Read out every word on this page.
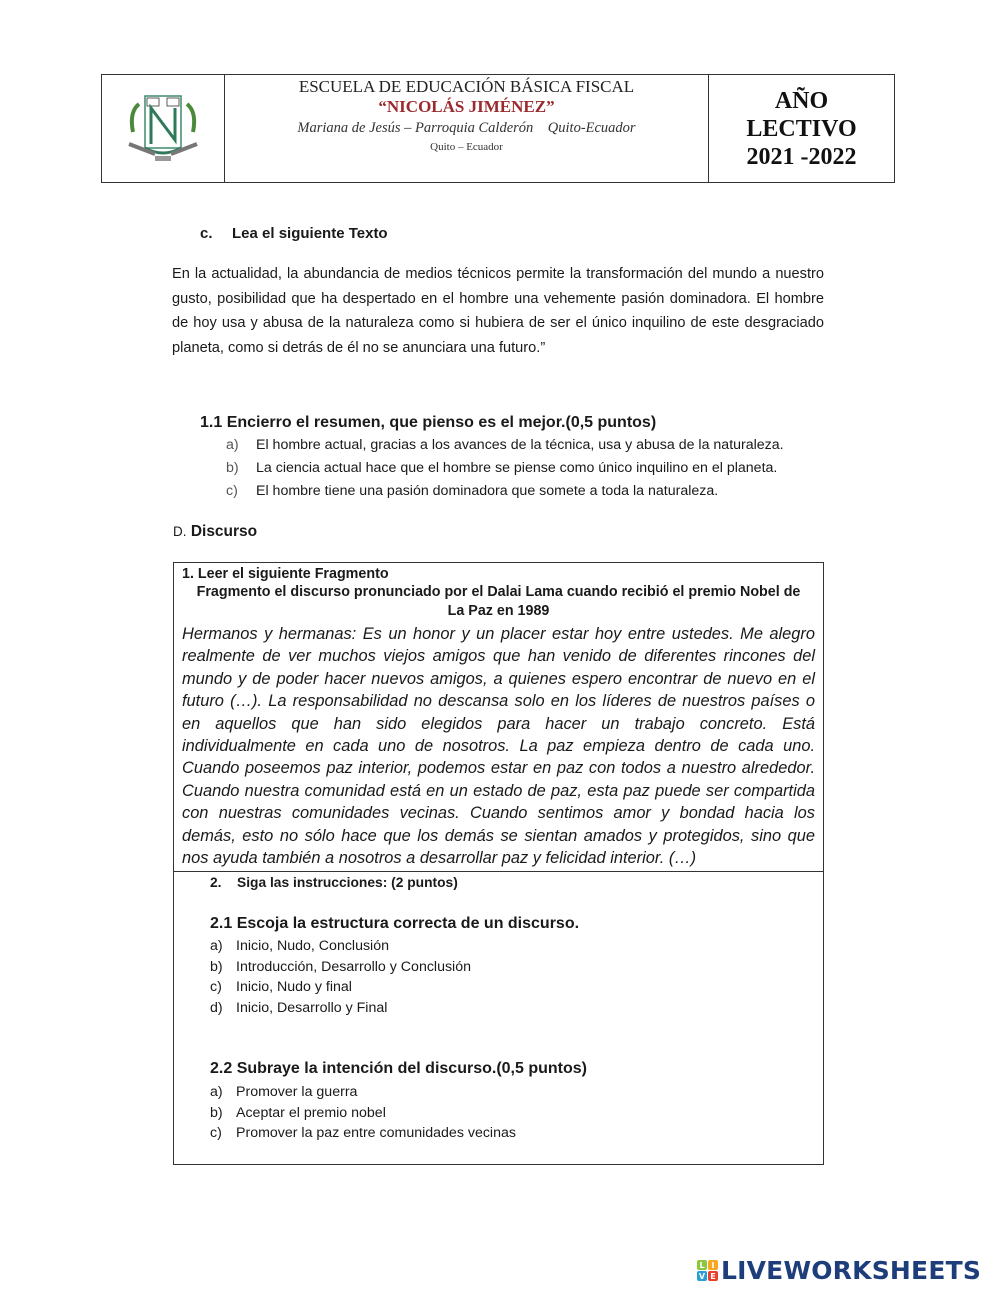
ESCUELA DE EDUCACIÓN BÁSICA FISCAL
“NICOLÁS JIMÉNEZ”
Mariana de Jesús – Parroquia Calderón    Quito-Ecuador
Quito – Ecuador
AÑO
LECTIVO
2021 -2022
c. Lea el siguiente Texto
En la actualidad, la abundancia de medios técnicos permite la transformación del mundo a nuestro gusto, posibilidad que ha despertado en el hombre una vehemente pasión dominadora. El hombre de hoy usa y abusa de la naturaleza como si hubiera de ser el único inquilino de este desgraciado planeta, como si detrás de él no se anunciara una futuro.”
1.1 Encierro el resumen, que pienso es el mejor.(0,5 puntos)
a)	El hombre actual, gracias a los avances de la técnica, usa y abusa de la naturaleza.
b)	La ciencia actual hace que el hombre se piense como único inquilino en el planeta.
c)	El hombre tiene una pasión dominadora que somete a toda la naturaleza.
D. Discurso
1. Leer el siguiente Fragmento
Fragmento el discurso pronunciado por el Dalai Lama cuando recibió el premio Nobel de La Paz en 1989
Hermanos y hermanas: Es un honor y un placer estar hoy entre ustedes. Me alegro realmente de ver muchos viejos amigos que han venido de diferentes rincones del mundo y de poder hacer nuevos amigos, a quienes espero encontrar de nuevo en el futuro (…). La responsabilidad no descansa solo en los líderes de nuestros países o en aquellos que han sido elegidos para hacer un trabajo concreto. Está individualmente en cada uno de nosotros. La paz empieza dentro de cada uno. Cuando poseemos paz interior, podemos estar en paz con todos a nuestro alrededor. Cuando nuestra comunidad está en un estado de paz, esta paz puede ser compartida con nuestras comunidades vecinas. Cuando sentimos amor y bondad hacia los demás, esto no sólo hace que los demás se sientan amados y protegidos, sino que nos ayuda también a nosotros a desarrollar paz y felicidad interior. (…)
2. Siga las instrucciones: (2 puntos)
2.1 Escoja la estructura correcta de un discurso.
a) Inicio, Nudo, Conclusión
b) Introducción, Desarrollo y Conclusión
c) Inicio, Nudo y final
d) Inicio, Desarrollo y Final
2.2 Subraye la intención del discurso.(0,5 puntos)
a) Promover la guerra
b) Aceptar el premio nobel
c) Promover la paz entre comunidades vecinas
L I
V E LIVEWORKSHEETS
